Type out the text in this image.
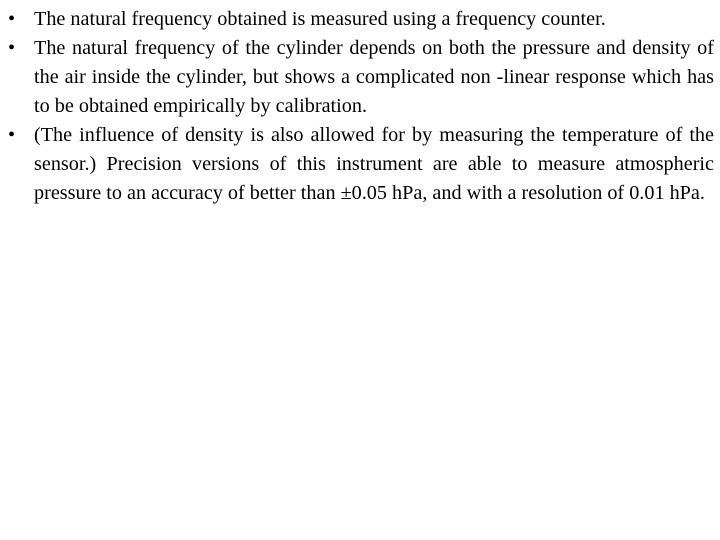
• The natural frequency obtained is measured using a frequency counter.
• The natural frequency of the cylinder depends on both the pressure and density of the air inside the cylinder, but shows a complicated non -linear response which has to be obtained empirically by calibration.
• (The influence of density is also allowed for by measuring the temperature of the sensor.) Precision versions of this instrument are able to measure atmospheric pressure to an accuracy of better than ±0.05 hPa, and with a resolution of 0.01 hPa.
